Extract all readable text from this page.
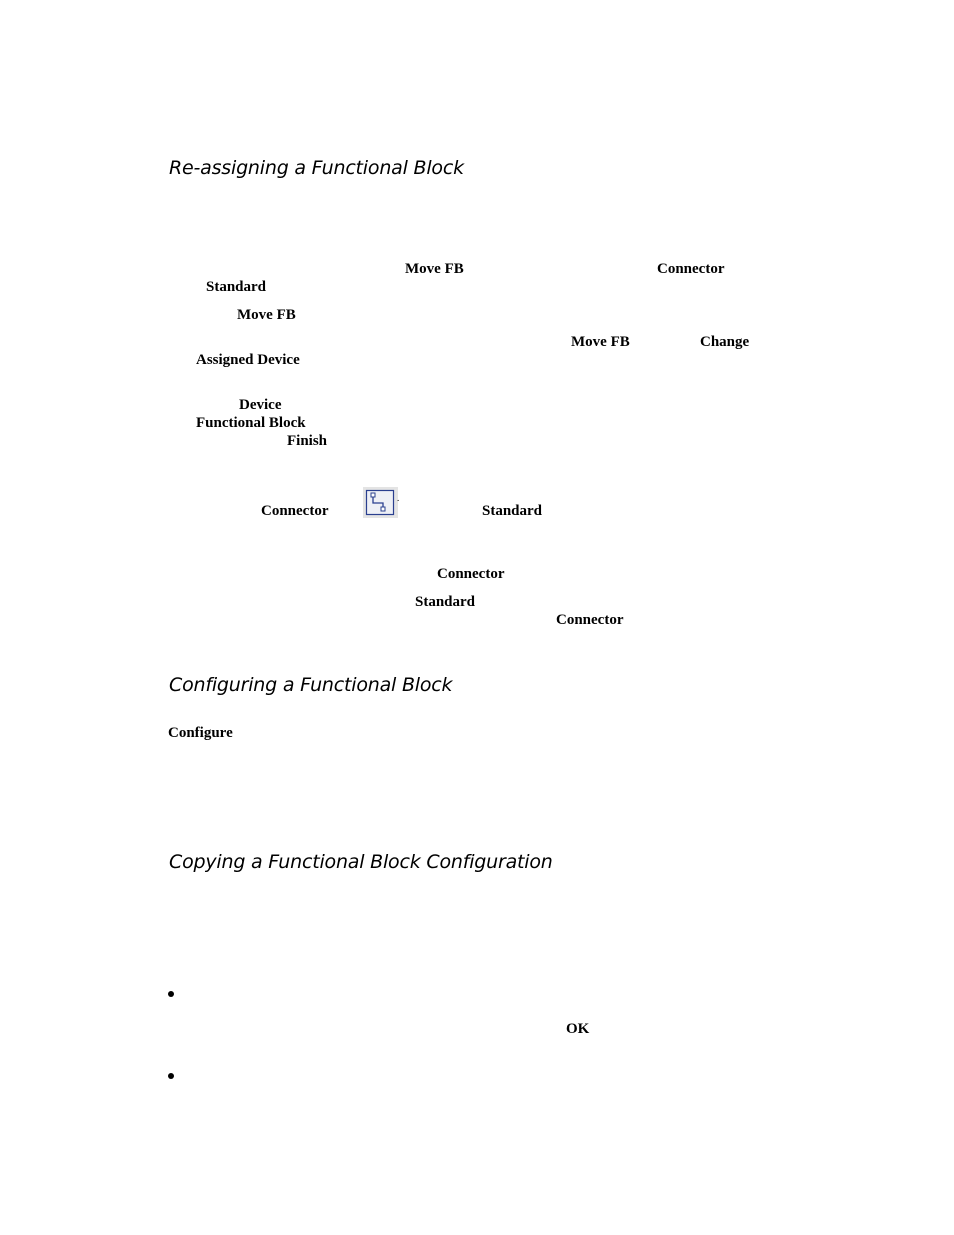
Re-assigning a Functional Block
Move FB	Connector
Standard
Move FB
Move FB	Change
Assigned Device
Device
Functional Block
Finish
Connector
.
Standard
Connector
Standard
Connector
Configuring a Functional Block
Configure
Copying a Functional Block Configuration
OK
